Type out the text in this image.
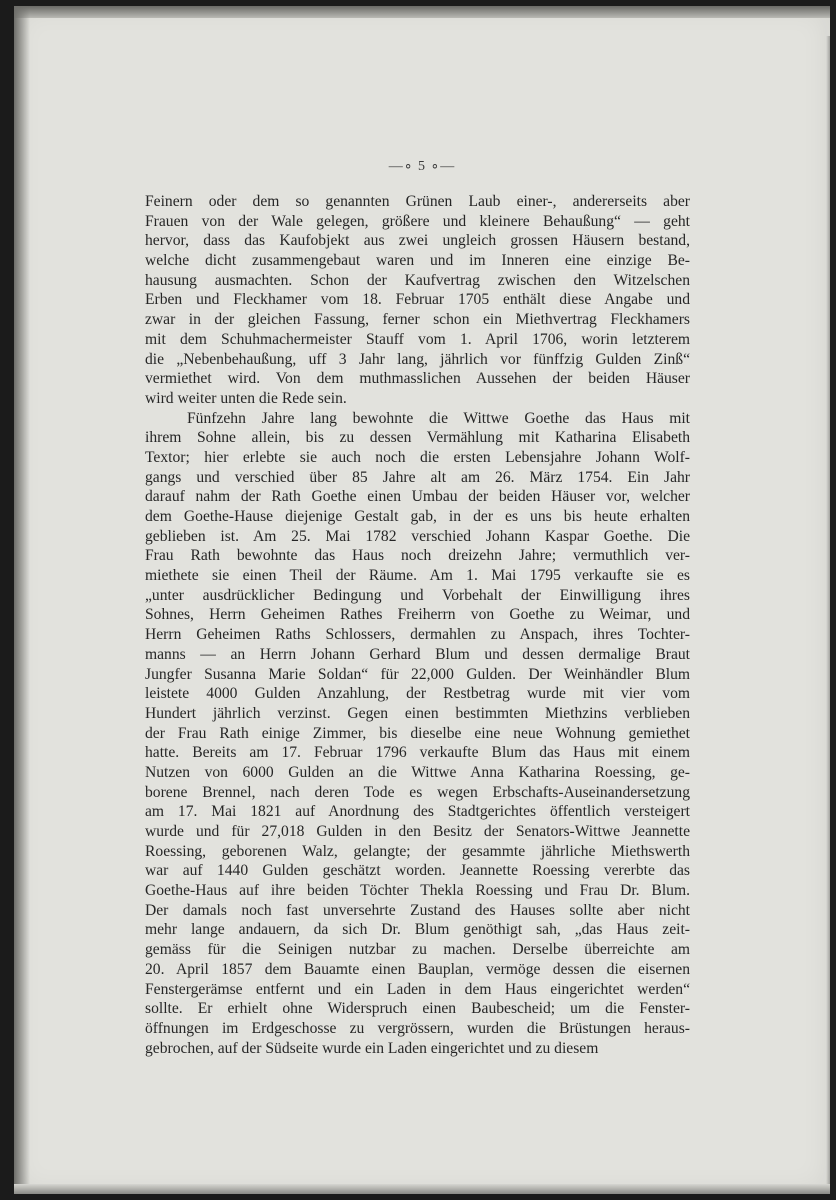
—∘ 5 ∘—
Feinern oder dem so genannten Grünen Laub einer-, andererseits aber
Frauen von der Wale gelegen, größere und kleinere Behaußung“ — geht
hervor, dass das Kaufobjekt aus zwei ungleich grossen Häusern bestand,
welche dicht zusammengebaut waren und im Inneren eine einzige Be-
hausung ausmachten. Schon der Kaufvertrag zwischen den Witzelschen
Erben und Fleckhamer vom 18. Februar 1705 enthält diese Angabe und
zwar in der gleichen Fassung, ferner schon ein Miethvertrag Fleckhamers
mit dem Schuhmachermeister Stauff vom 1. April 1706, worin letzterem
die „Nebenbehaußung, uff 3 Jahr lang, jährlich vor fünffzig Gulden Zinß“
vermiethet wird. Von dem muthmasslichen Aussehen der beiden Häuser
wird weiter unten die Rede sein.
Fünfzehn Jahre lang bewohnte die Wittwe Goethe das Haus mit
ihrem Sohne allein, bis zu dessen Vermählung mit Katharina Elisabeth
Textor; hier erlebte sie auch noch die ersten Lebensjahre Johann Wolf-
gangs und verschied über 85 Jahre alt am 26. März 1754. Ein Jahr
darauf nahm der Rath Goethe einen Umbau der beiden Häuser vor, welcher
dem Goethe-Hause diejenige Gestalt gab, in der es uns bis heute erhalten
geblieben ist. Am 25. Mai 1782 verschied Johann Kaspar Goethe. Die
Frau Rath bewohnte das Haus noch dreizehn Jahre; vermuthlich ver-
miethete sie einen Theil der Räume. Am 1. Mai 1795 verkaufte sie es
„unter ausdrücklicher Bedingung und Vorbehalt der Einwilligung ihres
Sohnes, Herrn Geheimen Rathes Freiherrn von Goethe zu Weimar, und
Herrn Geheimen Raths Schlossers, dermahlen zu Anspach, ihres Tochter-
manns — an Herrn Johann Gerhard Blum und dessen dermalige Braut
Jungfer Susanna Marie Soldan“ für 22,000 Gulden. Der Weinhändler Blum
leistete 4000 Gulden Anzahlung, der Restbetrag wurde mit vier vom
Hundert jährlich verzinst. Gegen einen bestimmten Miethzins verblieben
der Frau Rath einige Zimmer, bis dieselbe eine neue Wohnung gemiethet
hatte. Bereits am 17. Februar 1796 verkaufte Blum das Haus mit einem
Nutzen von 6000 Gulden an die Wittwe Anna Katharina Roessing, ge-
borene Brennel, nach deren Tode es wegen Erbschafts-Auseinandersetzung
am 17. Mai 1821 auf Anordnung des Stadtgerichtes öffentlich versteigert
wurde und für 27,018 Gulden in den Besitz der Senators-Wittwe Jeannette
Roessing, geborenen Walz, gelangte; der gesammte jährliche Miethswerth
war auf 1440 Gulden geschätzt worden. Jeannette Roessing vererbte das
Goethe-Haus auf ihre beiden Töchter Thekla Roessing und Frau Dr. Blum.
Der damals noch fast unversehrte Zustand des Hauses sollte aber nicht
mehr lange andauern, da sich Dr. Blum genöthigt sah, „das Haus zeit-
gemäss für die Seinigen nutzbar zu machen. Derselbe überreichte am
20. April 1857 dem Bauamte einen Bauplan, vermöge dessen die eisernen
Fenstergerämse entfernt und ein Laden in dem Haus eingerichtet werden“
sollte. Er erhielt ohne Widerspruch einen Baubescheid; um die Fenster-
öffnungen im Erdgeschosse zu vergrössern, wurden die Brüstungen heraus-
gebrochen, auf der Südseite wurde ein Laden eingerichtet und zu diesem
